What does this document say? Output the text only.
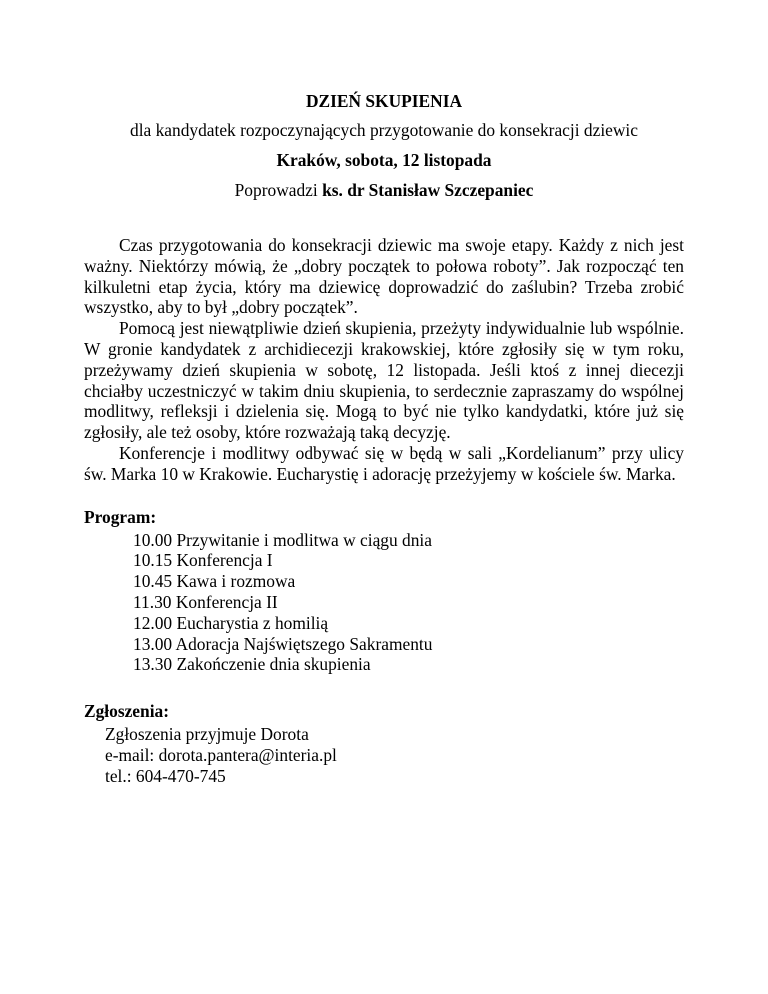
DZIEŃ SKUPIENIA
dla kandydatek rozpoczynających przygotowanie do konsekracji dziewic
Kraków, sobota, 12 listopada
Poprowadzi ks. dr Stanisław Szczepaniec

Czas przygotowania do konsekracji dziewic ma swoje etapy. Każdy z nich jest ważny. Niektórzy mówią, że „dobry początek to połowa roboty”. Jak rozpocząć ten kilkuletni etap życia, który ma dziewicę doprowadzić do zaślubin? Trzeba zrobić wszystko, aby to był „dobry początek”.

Pomocą jest niewątpliwie dzień skupienia, przeżyty indywidualnie lub wspólnie. W gronie kandydatek z archidiecezji krakowskiej, które zgłosiły się w tym roku, przeżywamy dzień skupienia w sobotę, 12 listopada. Jeśli ktoś z innej diecezji chciałby uczestniczyć w takim dniu skupienia, to serdecznie zapraszamy do wspólnej modlitwy, refleksji i dzielenia się. Mogą to być nie tylko kandydatki, które już się zgłosiły, ale też osoby, które rozważają taką decyzję.

Konferencje i modlitwy odbywać się w będą w sali „Kordelianum” przy ulicy św. Marka 10 w Krakowie. Eucharystię i adorację przeżyjemy w kościele św. Marka.

Program:
10.00 Przywitanie i modlitwa w ciągu dnia
10.15 Konferencja I
10.45 Kawa i rozmowa
11.30 Konferencja II
12.00 Eucharystia z homilią
13.00 Adoracja Najświętszego Sakramentu
13.30 Zakończenie dnia skupienia
Zgłoszenia:
Zgłoszenia przyjmuje Dorota
e-mail: dorota.pantera@interia.pl
tel.: 604-470-745
